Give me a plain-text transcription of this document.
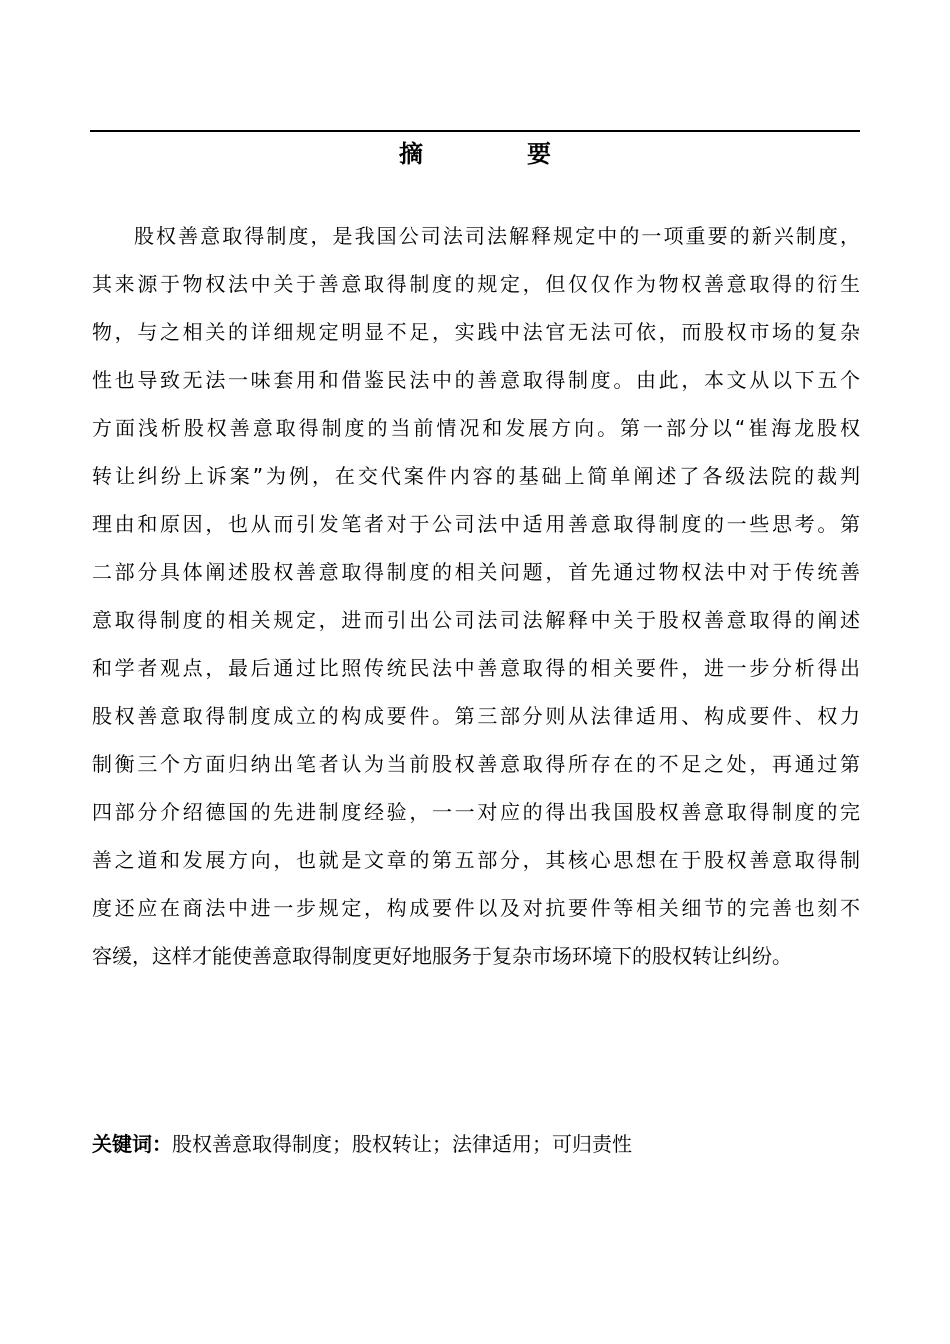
摘　要
股权善意取得制度，是我国公司法司法解释规定中的一项重要的新兴制度，
其来源于物权法中关于善意取得制度的规定，但仅仅作为物权善意取得的衍生
物，与之相关的详细规定明显不足，实践中法官无法可依，而股权市场的复杂
性也导致无法一味套用和借鉴民法中的善意取得制度。由此，本文从以下五个
方面浅析股权善意取得制度的当前情况和发展方向。第一部分以“崔海龙股权
转让纠纷上诉案”为例，在交代案件内容的基础上简单阐述了各级法院的裁判
理由和原因，也从而引发笔者对于公司法中适用善意取得制度的一些思考。第
二部分具体阐述股权善意取得制度的相关问题，首先通过物权法中对于传统善
意取得制度的相关规定，进而引出公司法司法解释中关于股权善意取得的阐述
和学者观点，最后通过比照传统民法中善意取得的相关要件，进一步分析得出
股权善意取得制度成立的构成要件。第三部分则从法律适用、构成要件、权力
制衡三个方面归纳出笔者认为当前股权善意取得所存在的不足之处，再通过第
四部分介绍德国的先进制度经验，一一对应的得出我国股权善意取得制度的完
善之道和发展方向，也就是文章的第五部分，其核心思想在于股权善意取得制
度还应在商法中进一步规定，构成要件以及对抗要件等相关细节的完善也刻不
容缓，这样才能使善意取得制度更好地服务于复杂市场环境下的股权转让纠纷。
关键词：股权善意取得制度；股权转让；法律适用；可归责性
